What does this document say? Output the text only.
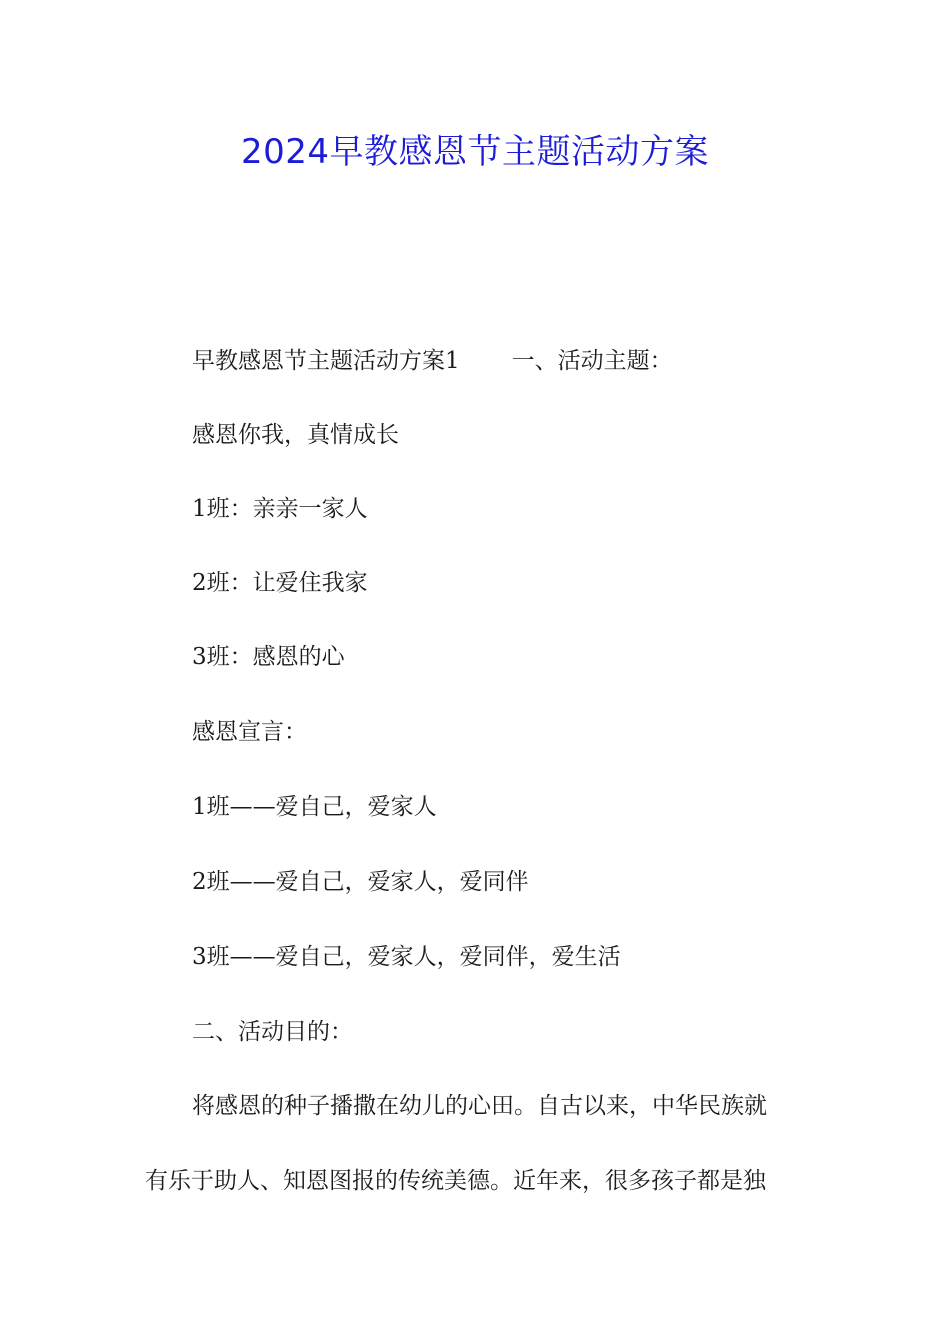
2024早教感恩节主题活动方案

早教感恩节主题活动方案1 一、活动主题：

感恩你我，真情成长

1班：亲亲一家人

2班：让爱住我家

3班：感恩的心

感恩宣言：

1班——爱自己，爱家人

2班——爱自己，爱家人，爱同伴

3班——爱自己，爱家人，爱同伴，爱生活

二、活动目的：

将感恩的种子播撒在幼儿的心田。自古以来，中华民族就

有乐于助人、知恩图报的传统美德。近年来，很多孩子都是独
